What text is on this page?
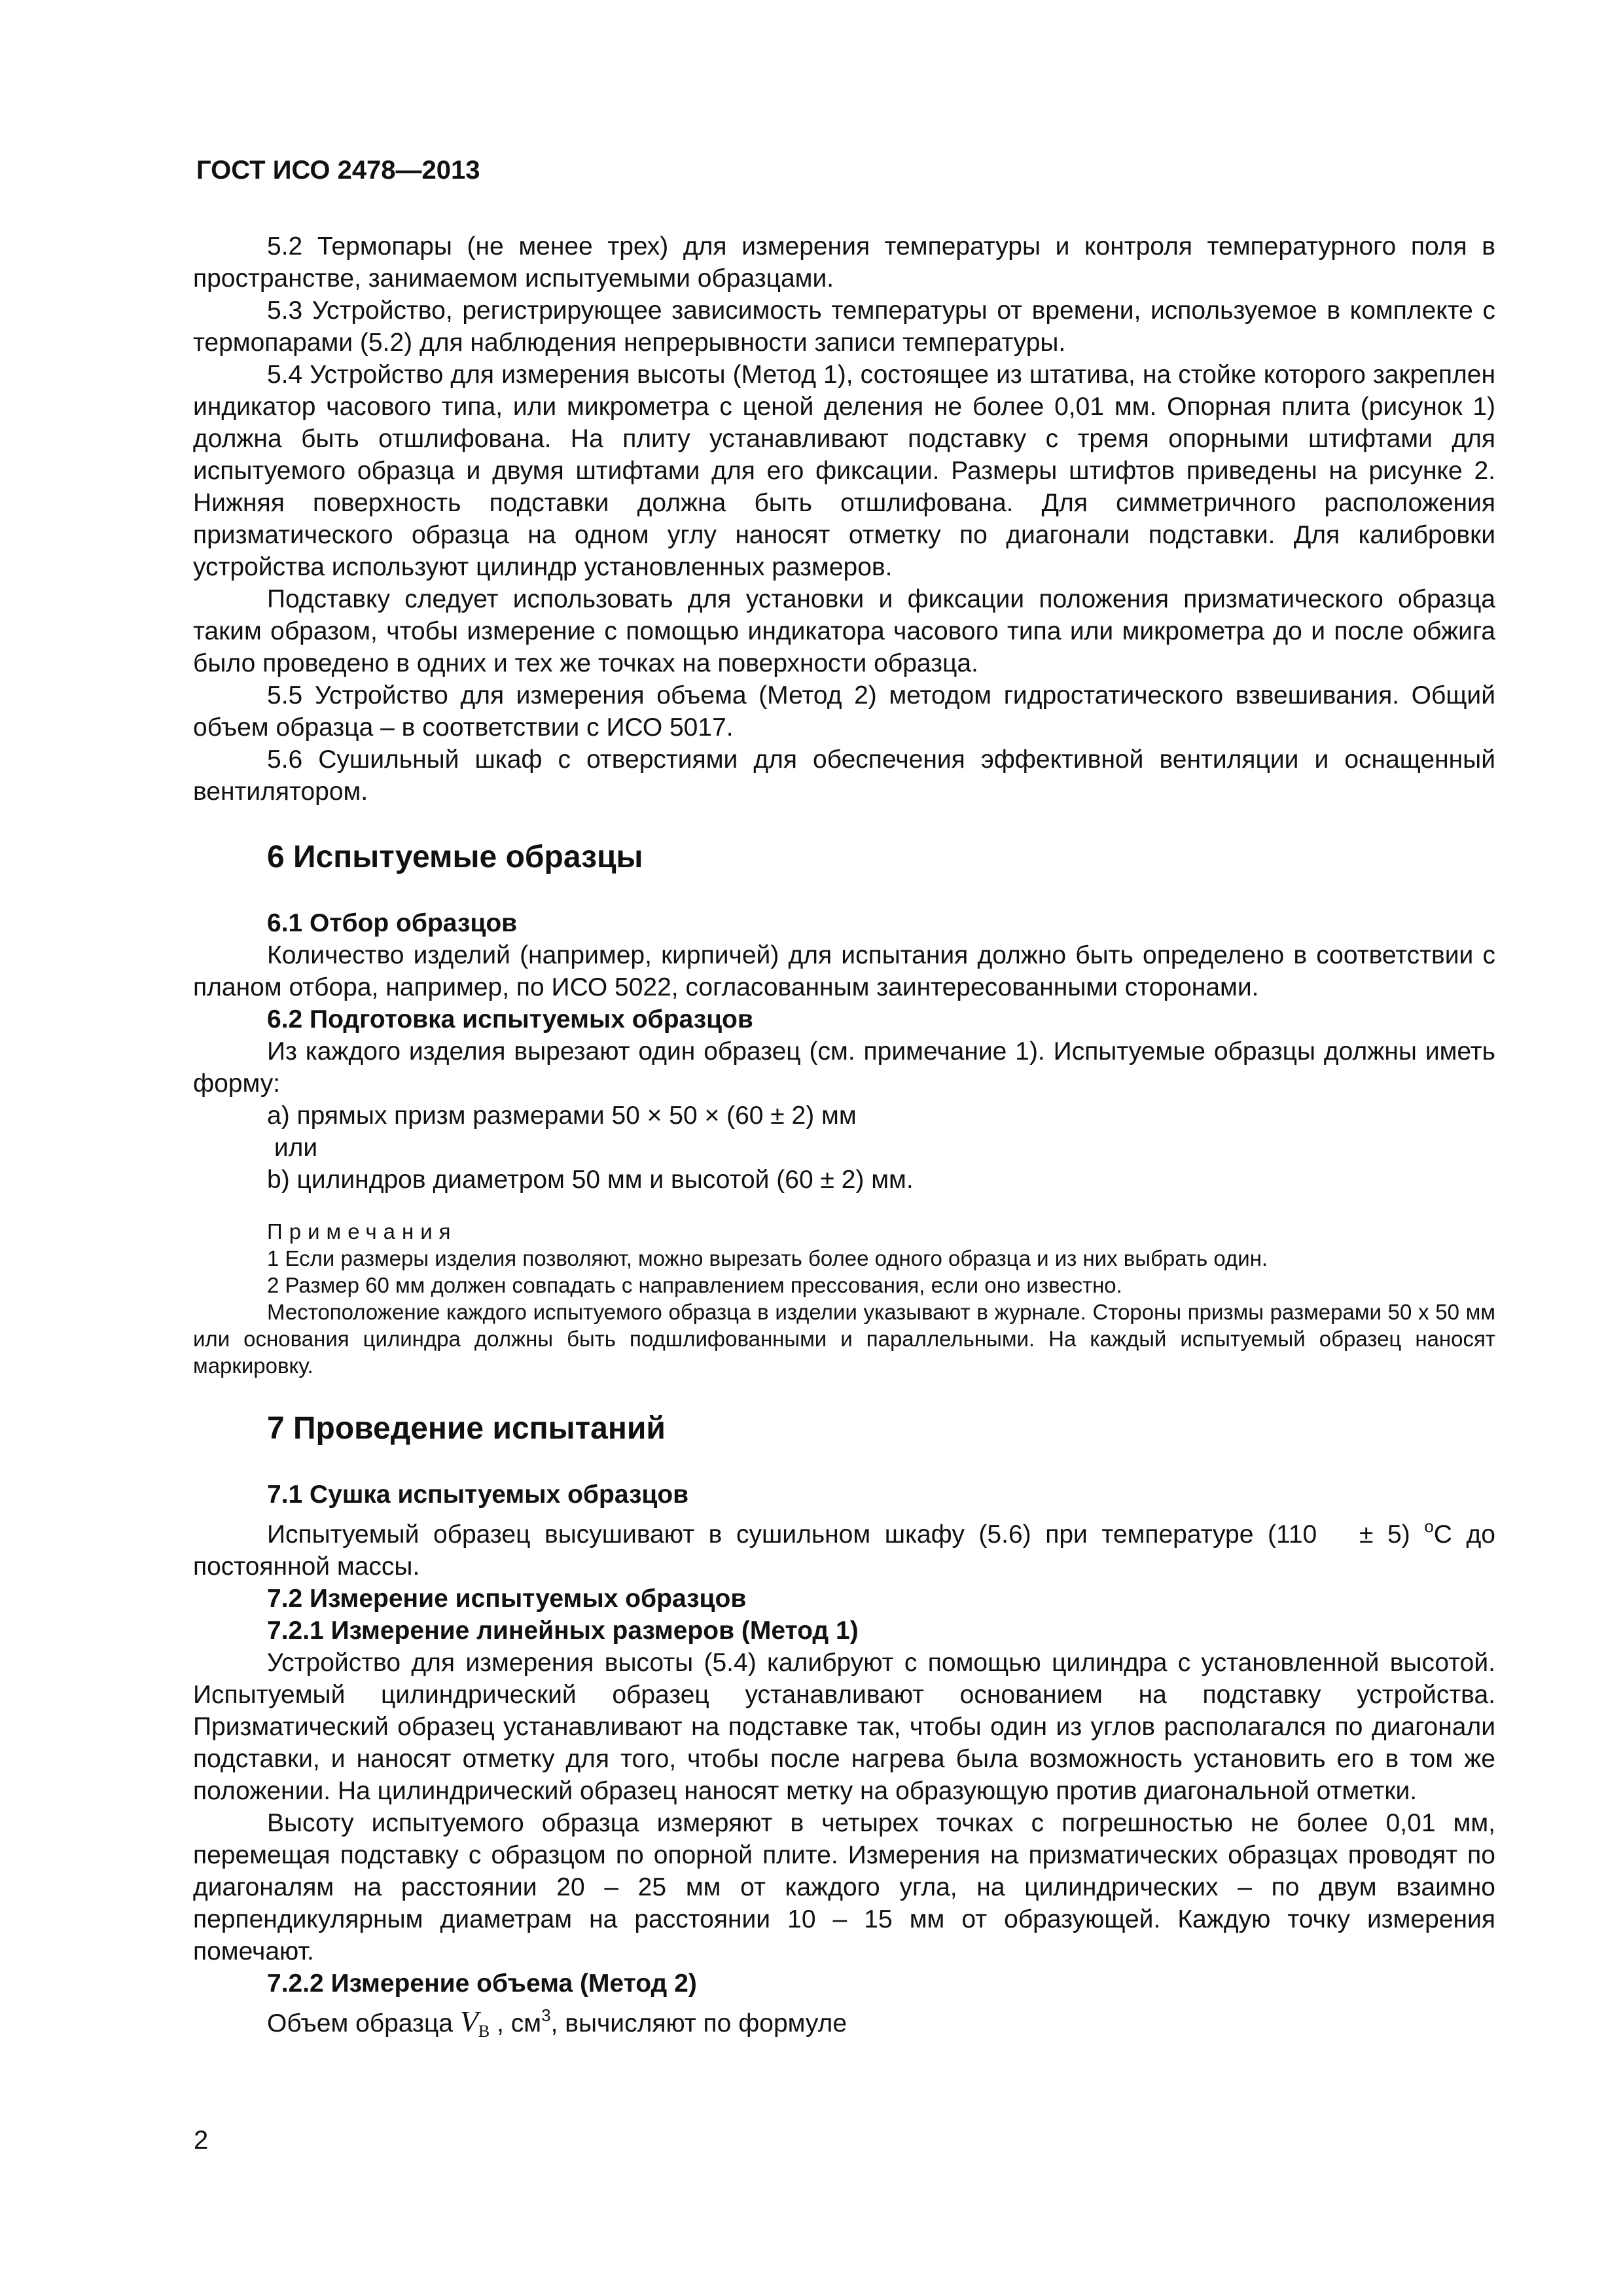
ГОСТ ИСО 2478—2013

5.2 Термопары (не менее трех) для измерения температуры и контроля температурного поля в пространстве, занимаемом испытуемыми образцами.

5.3 Устройство, регистрирующее зависимость температуры от времени, используемое в комплекте с термопарами (5.2) для наблюдения непрерывности записи температуры.

5.4 Устройство для измерения высоты (Метод 1), состоящее из штатива, на стойке которого закреплен индикатор часового типа, или микрометра с ценой деления не более 0,01 мм. Опорная плита (рисунок 1) должна быть отшлифована. На плиту устанавливают подставку с тремя опорными штифтами для испытуемого образца и двумя штифтами для его фиксации. Размеры штифтов приведены на рисунке 2. Нижняя поверхность подставки должна быть отшлифована. Для симметричного расположения призматического образца на одном углу наносят отметку по диагонали подставки. Для калибровки устройства используют цилиндр установленных размеров.

Подставку следует использовать для установки и фиксации положения призматического образца таким образом, чтобы измерение с помощью индикатора часового типа или микрометра до и после обжига было проведено в одних и тех же точках на поверхности образца.

5.5 Устройство для измерения объема (Метод 2) методом гидростатического взвешивания. Общий объем образца – в соответствии с ИСО 5017.

5.6 Сушильный шкаф с отверстиями для обеспечения эффективной вентиляции и оснащенный вентилятором.

6 Испытуемые образцы
6.1 Отбор образцов

Количество изделий (например, кирпичей) для испытания должно быть определено в соответствии с планом отбора, например, по ИСО 5022, согласованным заинтересованными сторонами.

6.2 Подготовка испытуемых образцов

Из каждого изделия вырезают один образец (см. примечание 1). Испытуемые образцы должны иметь форму:

a) прямых призм размерами 50 × 50 × (60 ± 2) мм

или

b) цилиндров диаметром 50 мм и высотой (60 ± 2) мм.

Примечания

1 Если размеры изделия позволяют, можно вырезать более одного образца и из них выбрать один.

2 Размер 60 мм должен совпадать с направлением прессования, если оно известно.

Местоположение каждого испытуемого образца в изделии указывают в журнале. Стороны призмы размерами 50 х 50 мм или основания цилиндра должны быть подшлифованными и параллельными. На каждый испытуемый образец наносят маркировку.

7 Проведение испытаний
7.1 Сушка испытуемых образцов

Испытуемый образец высушивают в сушильном шкафу (5.6) при температуре (110   ± 5) $^o$С до постоянной массы.

7.2 Измерение испытуемых образцов
7.2.1 Измерение линейных размеров (Метод 1)

Устройство для измерения высоты (5.4) калибруют с помощью цилиндра с установленной высотой. Испытуемый цилиндрический образец устанавливают основанием на подставку устройства. Призматический образец устанавливают на подставке так, чтобы один из углов располагался по диагонали подставки, и наносят отметку для того, чтобы после нагрева была возможность установить его в том же положении. На цилиндрический образец наносят метку на образующую против диагональной отметки.

Высоту испытуемого образца измеряют в четырех точках с погрешностью не более 0,01 мм, перемещая подставку с образцом по опорной плите. Измерения на призматических образцах проводят по диагоналям на расстоянии 20 – 25 мм от каждого угла, на цилиндрических – по двум взаимно перпендикулярным диаметрам на расстоянии 10 – 15 мм от образующей. Каждую точку измерения помечают.

7.2.2 Измерение объема (Метод 2)

Объем образца $V_B$ , $см^3$, вычисляют по формуле

2
